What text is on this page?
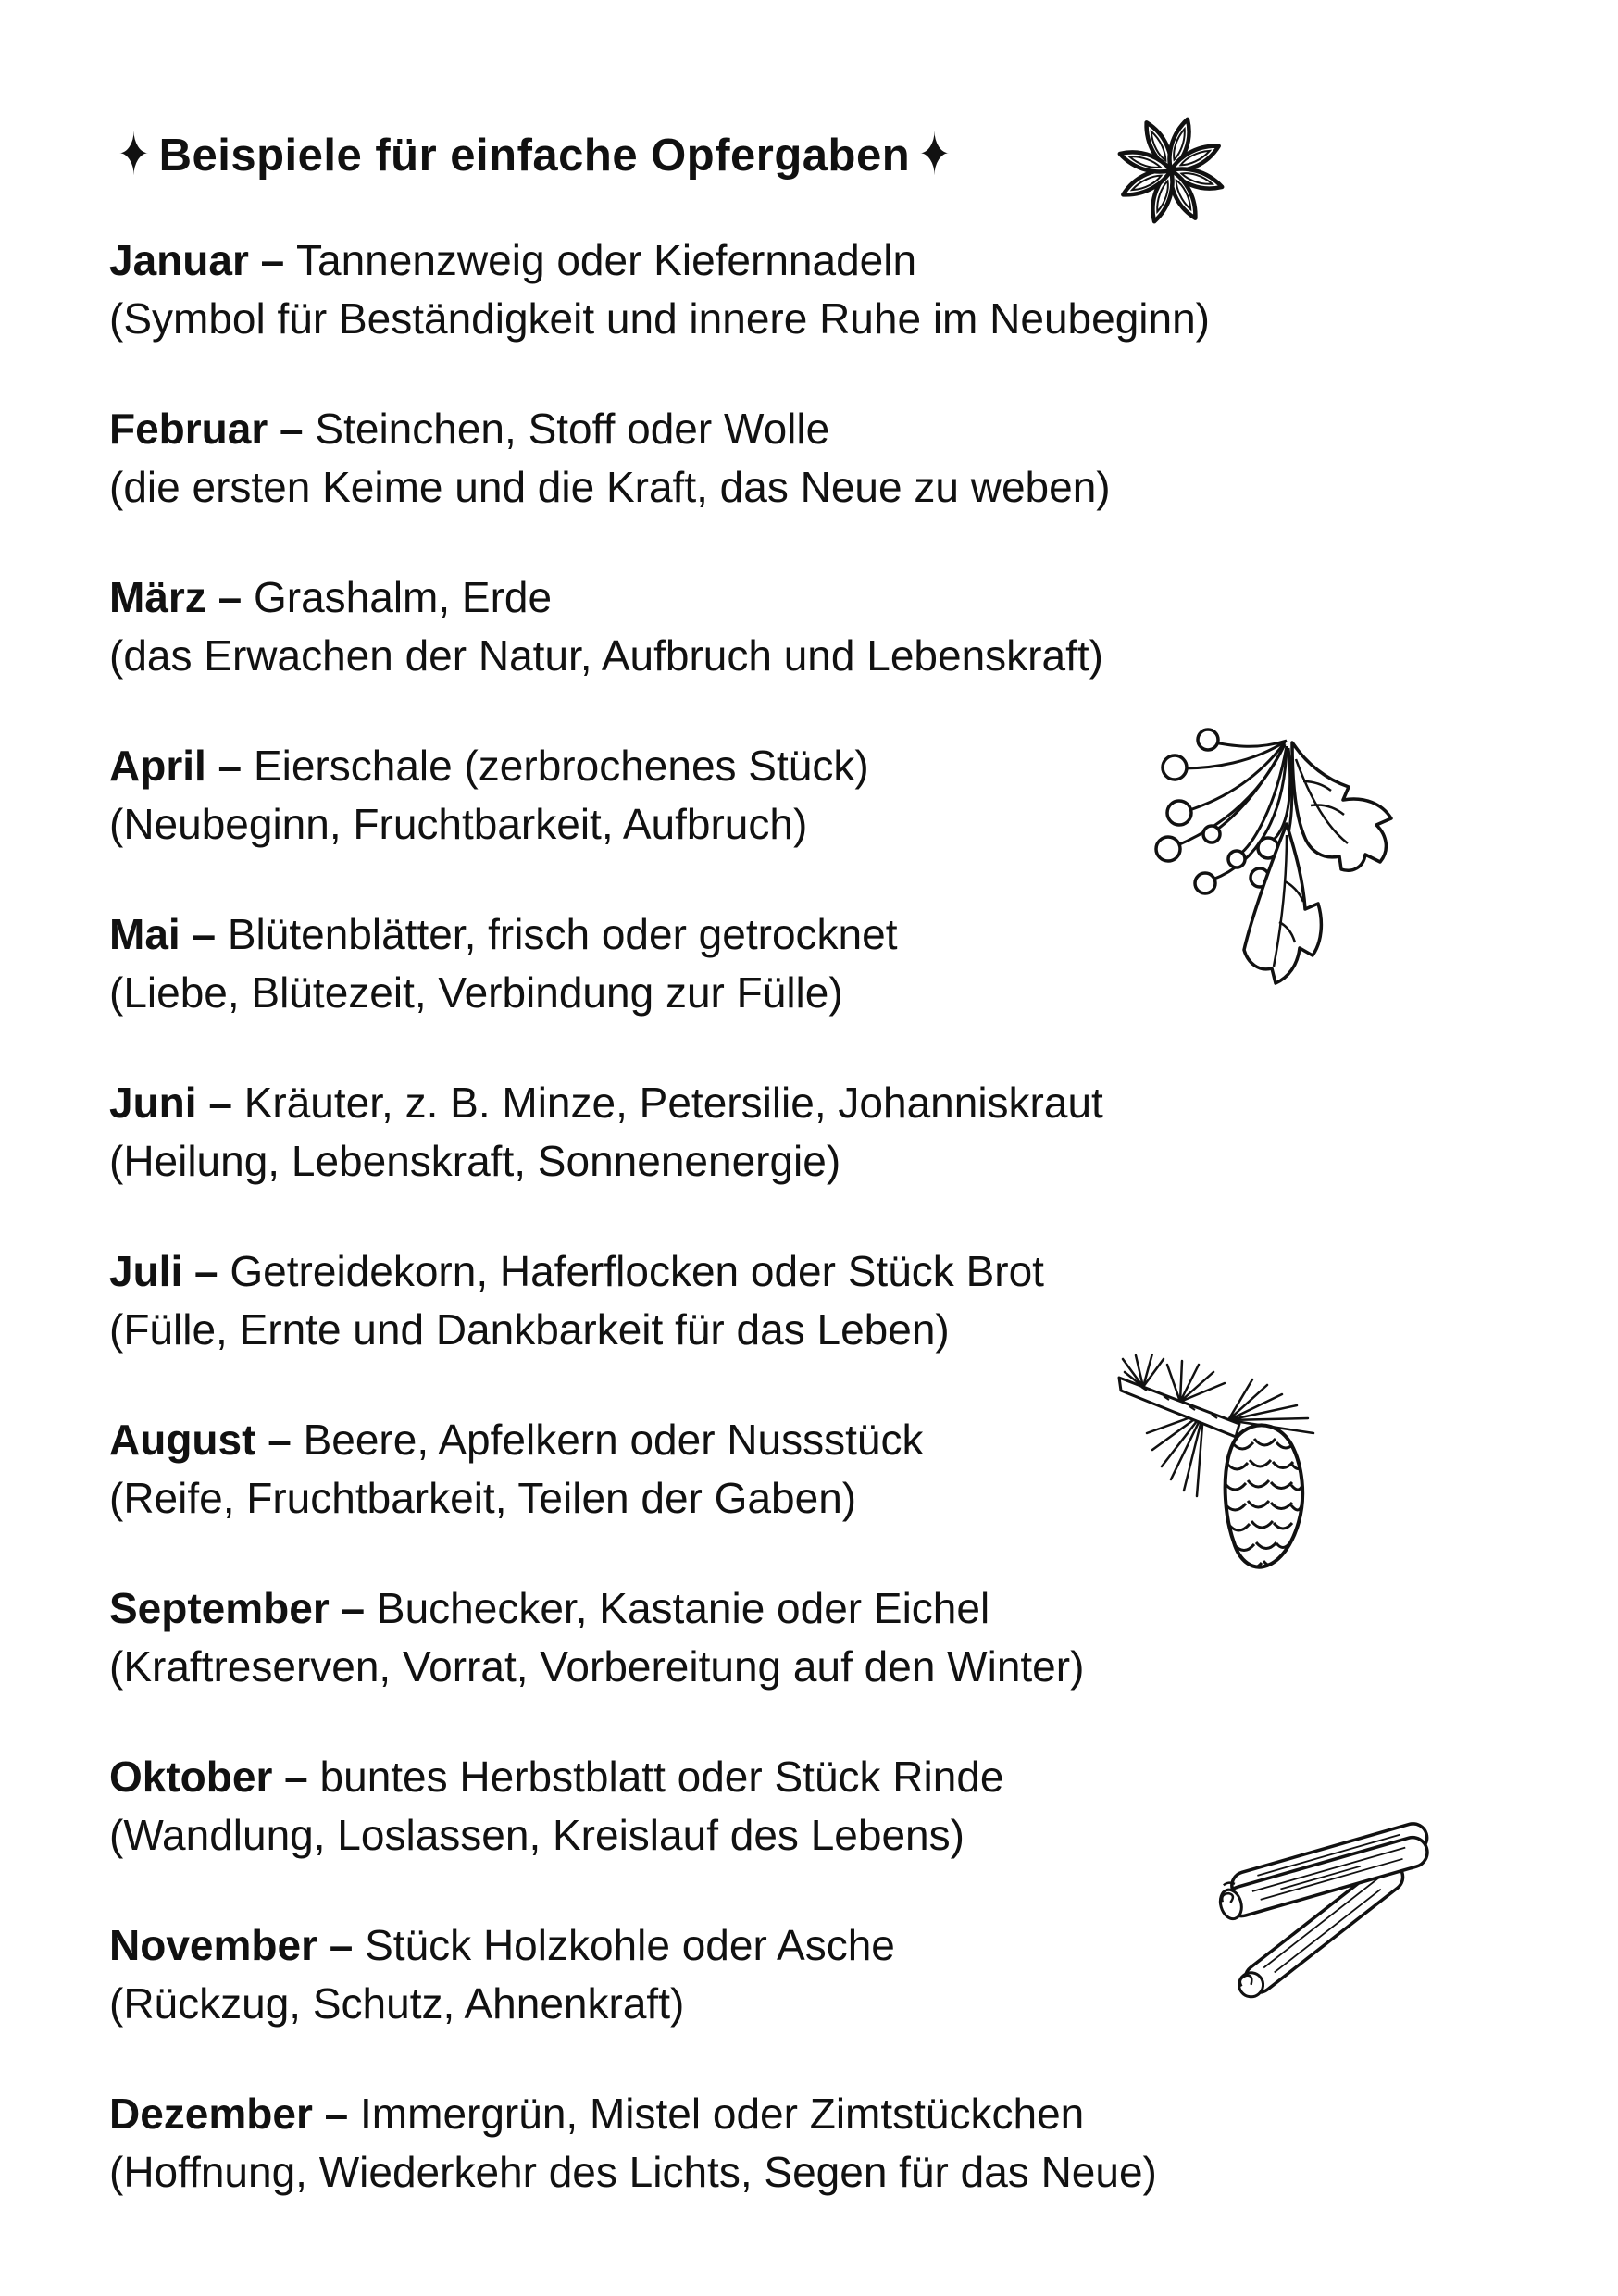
✦ Beispiele für einfache Opfergaben ✦

Januar – Tannenzweig oder Kiefernnadeln

(Symbol für Beständigkeit und innere Ruhe im Neubeginn)

Februar – Steinchen, Stoff oder Wolle

(die ersten Keime und die Kraft, das Neue zu weben)

März – Grashalm, Erde

(das Erwachen der Natur, Aufbruch und Lebenskraft)

April – Eierschale (zerbrochenes Stück)

(Neubeginn, Fruchtbarkeit, Aufbruch)

Mai – Blütenblätter, frisch oder getrocknet

(Liebe, Blütezeit, Verbindung zur Fülle)

Juni – Kräuter, z. B. Minze, Petersilie, Johanniskraut

(Heilung, Lebenskraft, Sonnenenergie)

Juli – Getreidekorn, Haferflocken oder Stück Brot

(Fülle, Ernte und Dankbarkeit für das Leben)

August – Beere, Apfelkern oder Nussstück

(Reife, Fruchtbarkeit, Teilen der Gaben)

September – Buchecker, Kastanie oder Eichel

(Kraftreserven, Vorrat, Vorbereitung auf den Winter)

Oktober – buntes Herbstblatt oder Stück Rinde

(Wandlung, Loslassen, Kreislauf des Lebens)

November – Stück Holzkohle oder Asche

(Rückzug, Schutz, Ahnenkraft)

Dezember – Immergrün, Mistel oder Zimtstückchen

(Hoffnung, Wiederkehr des Lichts, Segen für das Neue)
